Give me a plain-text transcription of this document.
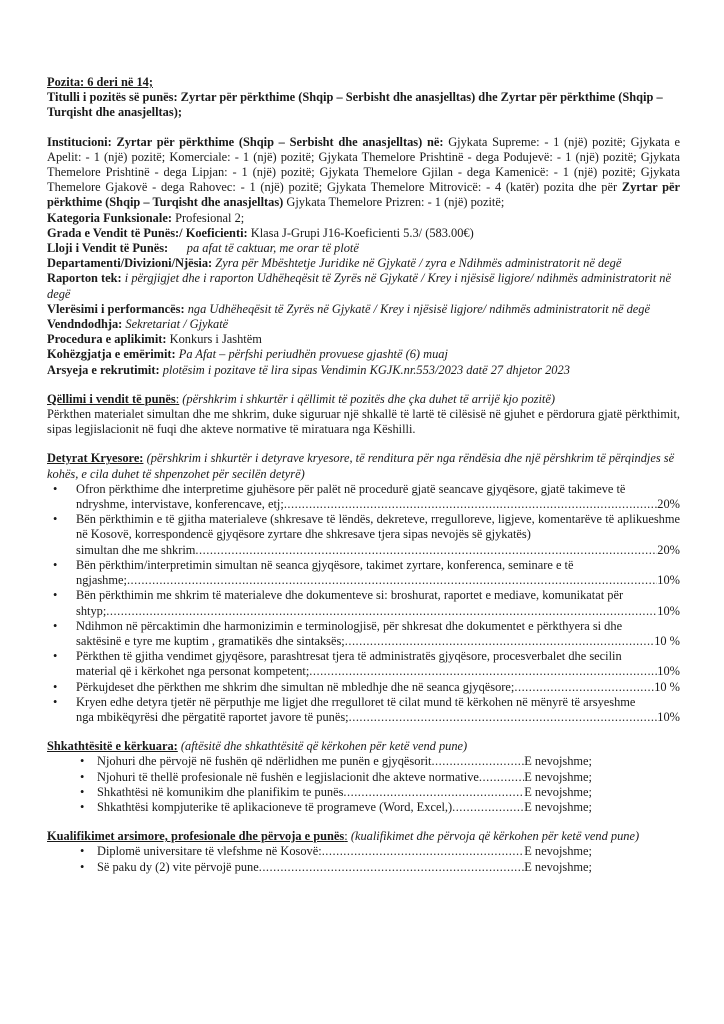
Pozita: 6 deri në 14;

Titulli i pozitës së punës: Zyrtar për përkthime (Shqip – Serbisht dhe anasjelltas) dhe Zyrtar për përkthime (Shqip – Turqisht dhe anasjelltas);

Institucioni: Zyrtar për përkthime (Shqip – Serbisht dhe anasjelltas) në: Gjykata Supreme: - 1 (një) pozitë; Gjykata e Apelit: - 1 (një) pozitë; Komerciale: - 1 (një) pozitë; Gjykata Themelore Prishtinë - dega Podujevë: - 1 (një) pozitë; Gjykata Themelore Prishtinë - dega Lipjan: - 1 (një) pozitë; Gjykata Themelore Gjilan - dega Kamenicë: - 1 (një) pozitë; Gjykata Themelore Gjakovë - dega Rahovec: - 1 (një) pozitë; Gjykata Themelore Mitrovicë: - 4 (katër) pozita dhe për Zyrtar për përkthime (Shqip – Turqisht dhe anasjelltas) Gjykata Themelore Prizren: - 1 (një) pozitë;

Kategoria Funksionale: Profesional 2;

Grada e Vendit të Punës:/ Koeficienti: Klasa J-Grupi J16-Koeficienti 5.3/ (583.00€)

Lloji i Vendit të Punës: pa afat të caktuar, me orar të plotë

Departamenti/Divizioni/Njësia: Zyra për Mbështetje Juridike në Gjykatë / zyra e Ndihmës administratorit në degë

Raporton tek: i përgjigjet dhe i raporton Udhëheqësit të Zyrës në Gjykatë / Krey i njësisë ligjore/ ndihmës administratorit në degë

Vlerësimi i performancës: nga Udhëheqësit të Zyrës në Gjykatë / Krey i njësisë ligjore/ ndihmës administratorit në degë

Vendndodhja: Sekretariat / Gjykatë

Procedura e aplikimit: Konkurs i Jashtëm

Kohëzgjatja e emërimit: Pa Afat – përfshi periudhën provuese gjashtë (6) muaj

Arsyeja e rekrutimit: plotësim i pozitave të lira sipas Vendimin KGJK.nr.553/2023 datë 27 dhjetor 2023

Qëllimi i vendit të punës: (përshkrim i shkurtër i qëllimit të pozitës dhe çka duhet të arrijë kjo pozitë)

Përkthen materialet simultan dhe me shkrim, duke siguruar një shkallë të lartë të cilësisë në gjuhet e përdorura gjatë përkthimit, sipas legjislacionit në fuqi dhe akteve normative të miratuara nga Këshilli.

Detyrat Kryesore: (përshkrim i shkurtër i detyrave kryesore, të renditura për nga rëndësia dhe një përshkrim të përqindjes së kohës, e cila duhet të shpenzohet për secilën detyrë)

• Ofron përkthime dhe interpretime gjuhësore për palët në procedurë gjatë seancave gjyqësore, gjatë takimeve të
ndryshme, intervistave, konferencave, etj; .....	20%
• Bën përkthimin e të gjitha materialeve (shkresave të lëndës, dekreteve, rregulloreve, ligjeve, komentarëve të aplikueshme në Kosovë, korrespondencë gjyqësore zyrtare dhe shkresave tjera sipas nevojës së gjykatës)
simultan dhe me shkrim .....	20%
• Bën përkthim/interpretimin simultan në seanca gjyqësore, takimet zyrtare, konferenca, seminare e të
ngjashme; .....	10%
• Bën përkthimin me shkrim të materialeve dhe dokumenteve si: broshurat, raportet e mediave, komunikatat për
shtyp; .....	10%
• Ndihmon në përcaktimin dhe harmonizimin e terminologjisë, për shkresat dhe dokumentet e përkthyera si dhe
saktësinë e tyre me kuptim , gramatikës dhe sintaksës; .....	10 %
• Përkthen të gjitha vendimet gjyqësore, parashtresat tjera të administratës gjyqësore, procesverbalet dhe secilin
material që i kërkohet nga personat kompetent; .....	10%
• Përkujdeset dhe përkthen me shkrim dhe simultan në mbledhje dhe në seanca gjyqësore; .....	10 %
• Kryen edhe detyra tjetër në përputhje me ligjet dhe rregulloret të cilat mund të kërkohen në mënyrë të arsyeshme
nga mbikëqyrësi dhe përgatitë raportet javore të punës; .....	10%

Shkathtësitë e kërkuara: (aftësitë dhe shkathtësitë që kërkohen për ketë vend pune)

• Njohuri dhe përvojë në fushën që ndërlidhen me punën e gjyqësorit .....	E nevojshme;
• Njohuri të thellë profesionale në fushën e legjislacionit dhe akteve normative .....	E nevojshme;
• Shkathtësi në komunikim dhe planifikim te punës .....	E nevojshme;
• Shkathtësi kompjuterike të aplikacioneve të programeve (Word, Excel,) .....	E nevojshme;

Kualifikimet arsimore, profesionale dhe përvoja e punës: (kualifikimet dhe përvoja që kërkohen për ketë vend pune)

• Diplomë universitare të vlefshme në Kosovë: .....	E nevojshme;
• Së paku dy (2) vite përvojë pune .....	E nevojshme;
